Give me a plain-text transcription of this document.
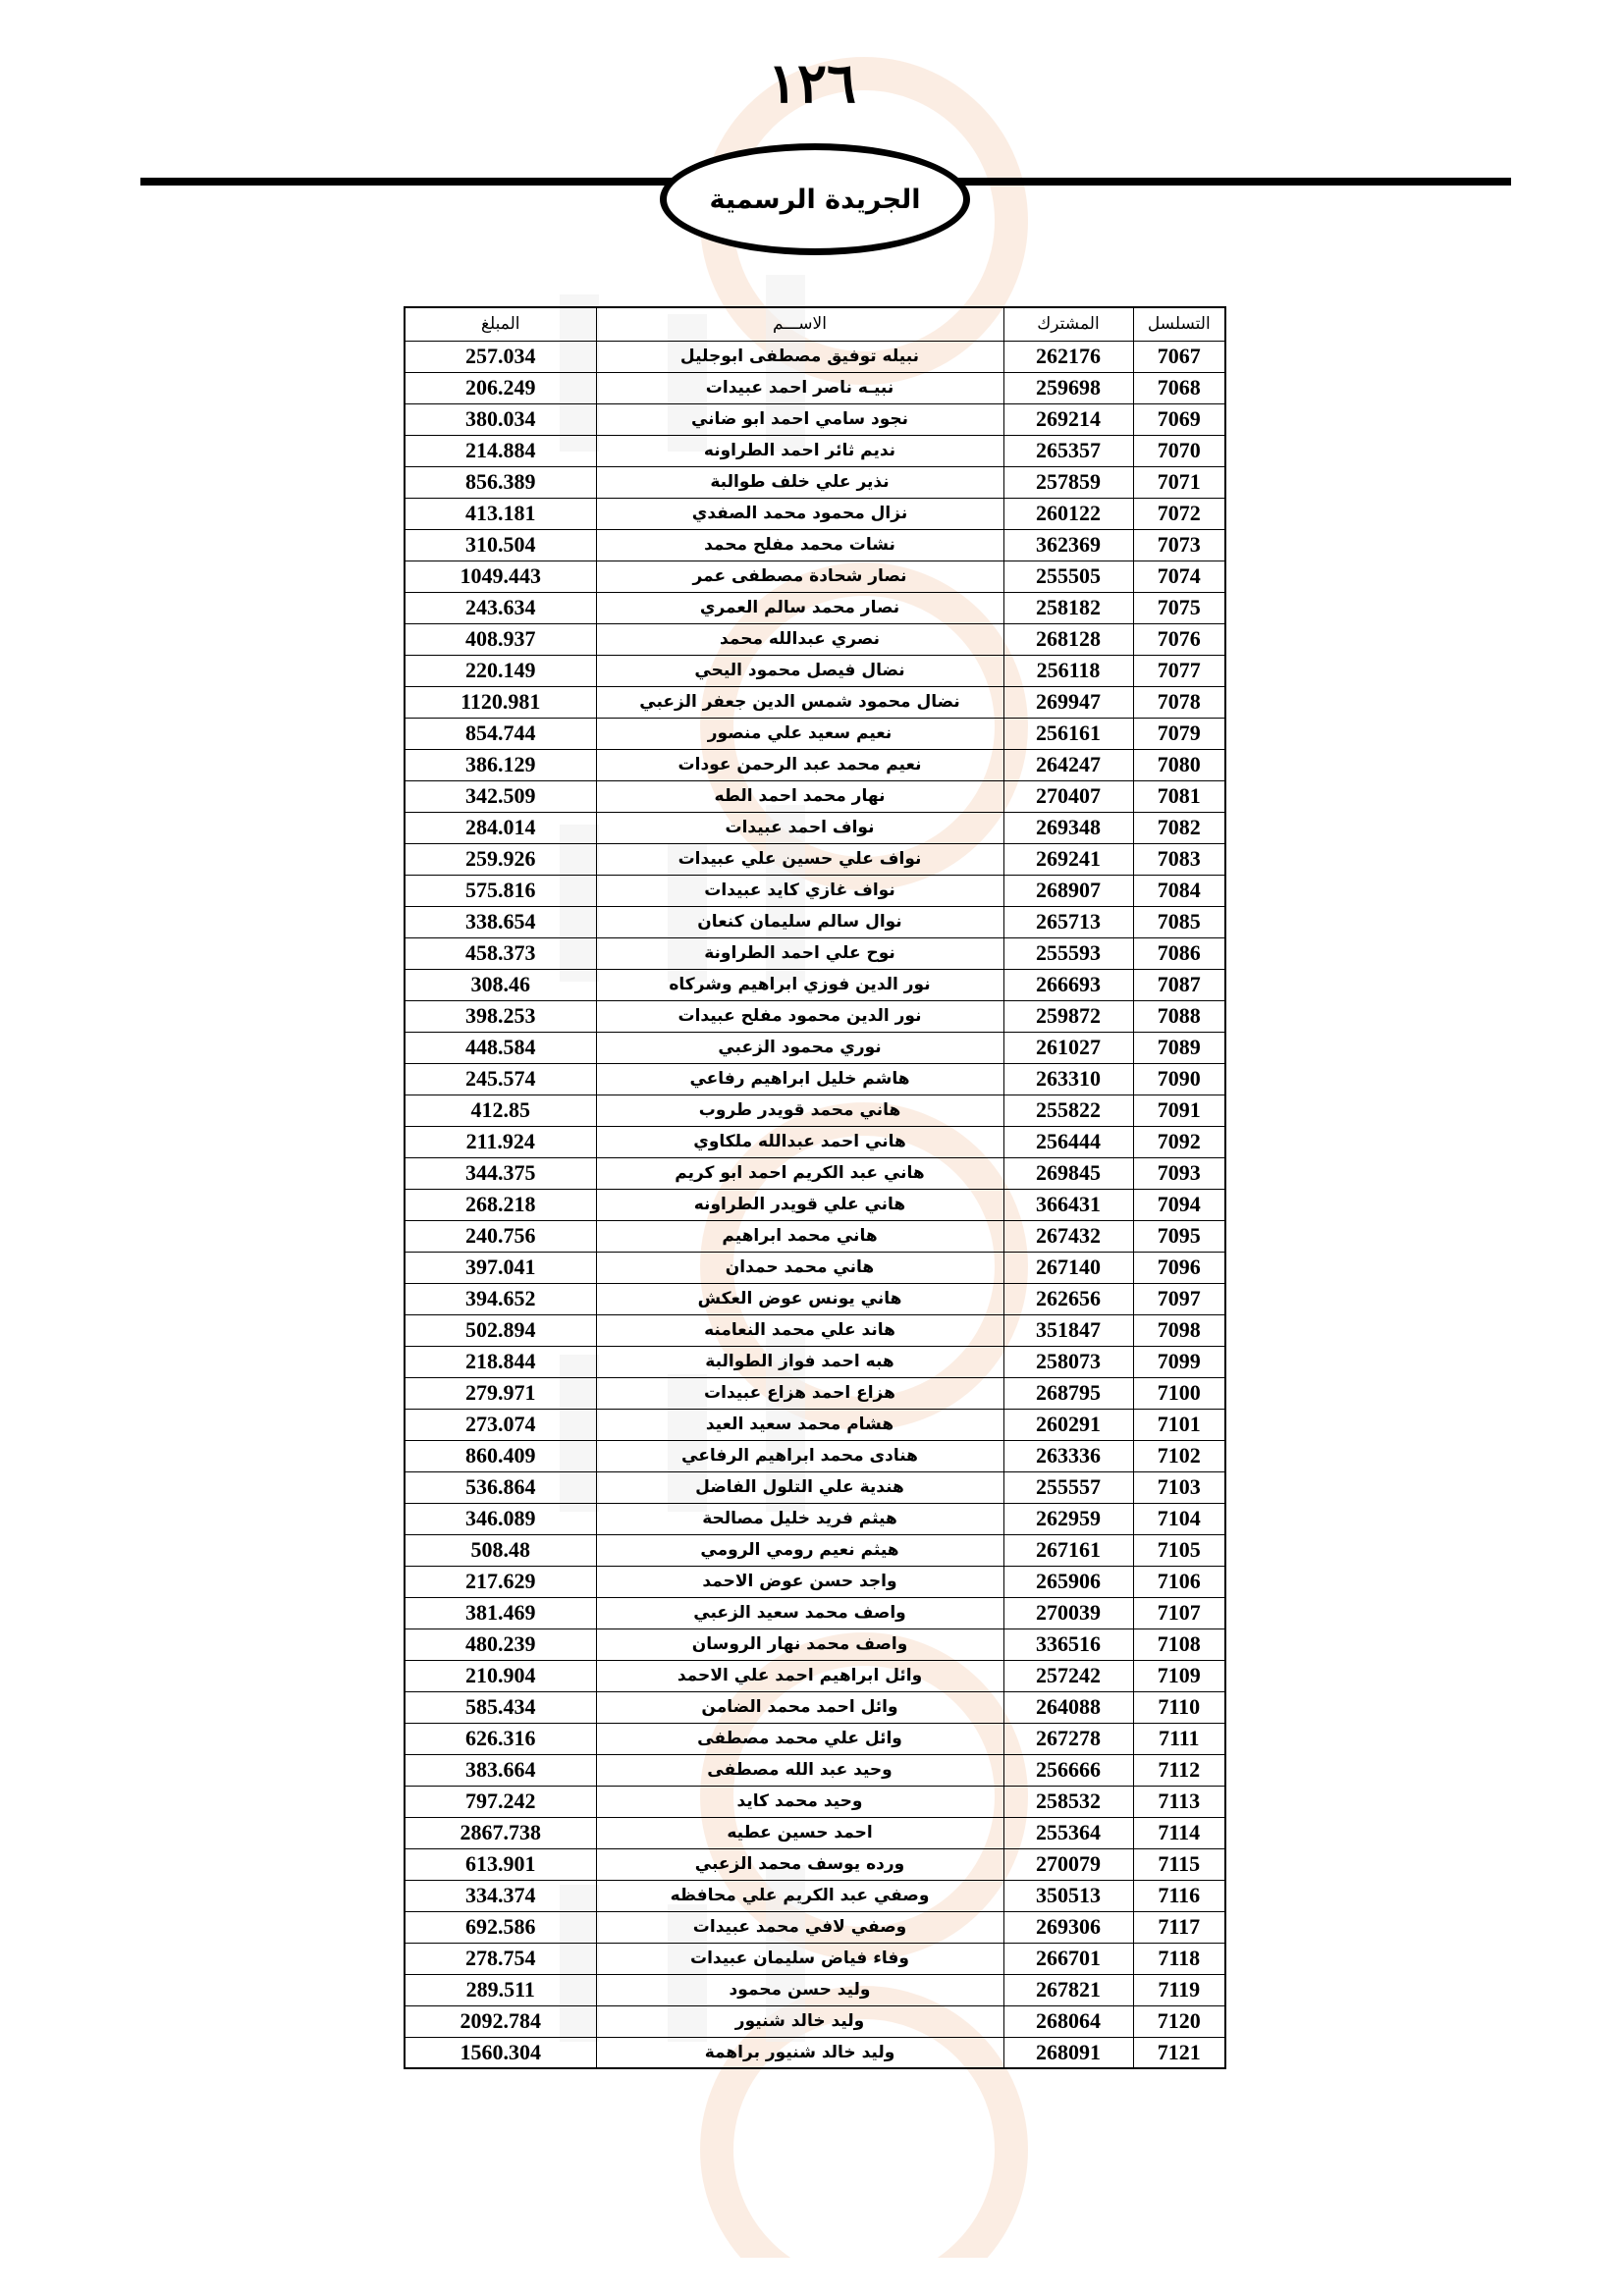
١٢٦
الجريدة الرسمية
التسلسل	المشترك	الاســـم	المبلغ
7067	262176	نبيله توفيق مصطفى ابوجليل	257.034
7068	259698	نبيـه ناصر احمد عبيدات	206.249
7069	269214	نجود سامي احمد ابو ضاني	380.034
7070	265357	نديم ثائر احمد الطراونه	214.884
7071	257859	نذير علي خلف طوالبة	856.389
7072	260122	نزال محمود محمد الصفدي	413.181
7073	362369	نشات محمد مفلح محمد	310.504
7074	255505	نصار شحادة مصطفى عمر	1049.443
7075	258182	نصار محمد سالم العمري	243.634
7076	268128	نصري عبدالله محمد	408.937
7077	256118	نضال فيصل محمود اليحي	220.149
7078	269947	نضال محمود شمس الدين جعفر الزعبي	1120.981
7079	256161	نعيم سعيد علي منصور	854.744
7080	264247	نعيم محمد عبد الرحمن عودات	386.129
7081	270407	نهار محمد احمد الطه	342.509
7082	269348	نواف احمد عبيدات	284.014
7083	269241	نواف علي حسين علي عبيدات	259.926
7084	268907	نواف غازي كايد عبيدات	575.816
7085	265713	نوال سالم سليمان كنعان	338.654
7086	255593	نوح علي احمد الطراونة	458.373
7087	266693	نور الدين فوزي ابراهيم وشركاه	308.46
7088	259872	نور الدين محمود مفلح عبيدات	398.253
7089	261027	نوري محمود الزعبي	448.584
7090	263310	هاشم خليل ابراهيم رفاعي	245.574
7091	255822	هاني محمد قويدر طروب	412.85
7092	256444	هاني احمد عبدالله ملكاوي	211.924
7093	269845	هاني عبد الكريم احمد ابو كريم	344.375
7094	366431	هاني علي قويدر الطراونه	268.218
7095	267432	هاني محمد ابراهيم	240.756
7096	267140	هاني محمد حمدان	397.041
7097	262656	هاني يونس عوض العكش	394.652
7098	351847	هاند علي محمد النعامنه	502.894
7099	258073	هبه احمد فواز الطوالبة	218.844
7100	268795	هزاع احمد هزاع عبيدات	279.971
7101	260291	هشام محمد سعيد العيد	273.074
7102	263336	هنادى محمد ابراهيم الرفاعي	860.409
7103	255557	هندية علي التلول الفاضل	536.864
7104	262959	هيثم فريد خليل مصالحة	346.089
7105	267161	هيثم نعيم رومي الرومي	508.48
7106	265906	واجد حسن عوض الاحمد	217.629
7107	270039	واصف محمد سعيد الزعبي	381.469
7108	336516	واصف محمد نهار الروسان	480.239
7109	257242	وائل ابراهيم احمد علي الاحمد	210.904
7110	264088	وائل احمد محمد الضامن	585.434
7111	267278	وائل علي محمد مصطفى	626.316
7112	256666	وحيد عبد الله مصطفى	383.664
7113	258532	وحيد محمد كايد	797.242
7114	255364	احمد حسين عطيه	2867.738
7115	270079	ورده يوسف محمد الزعبي	613.901
7116	350513	وصفي عبد الكريم علي محافظه	334.374
7117	269306	وصفي لافي محمد عبيدات	692.586
7118	266701	وفاء فياض سليمان عبيدات	278.754
7119	267821	وليد حسن محمود	289.511
7120	268064	وليد خالد شنيور	2092.784
7121	268091	وليد خالد شنيور براهمة	1560.304
